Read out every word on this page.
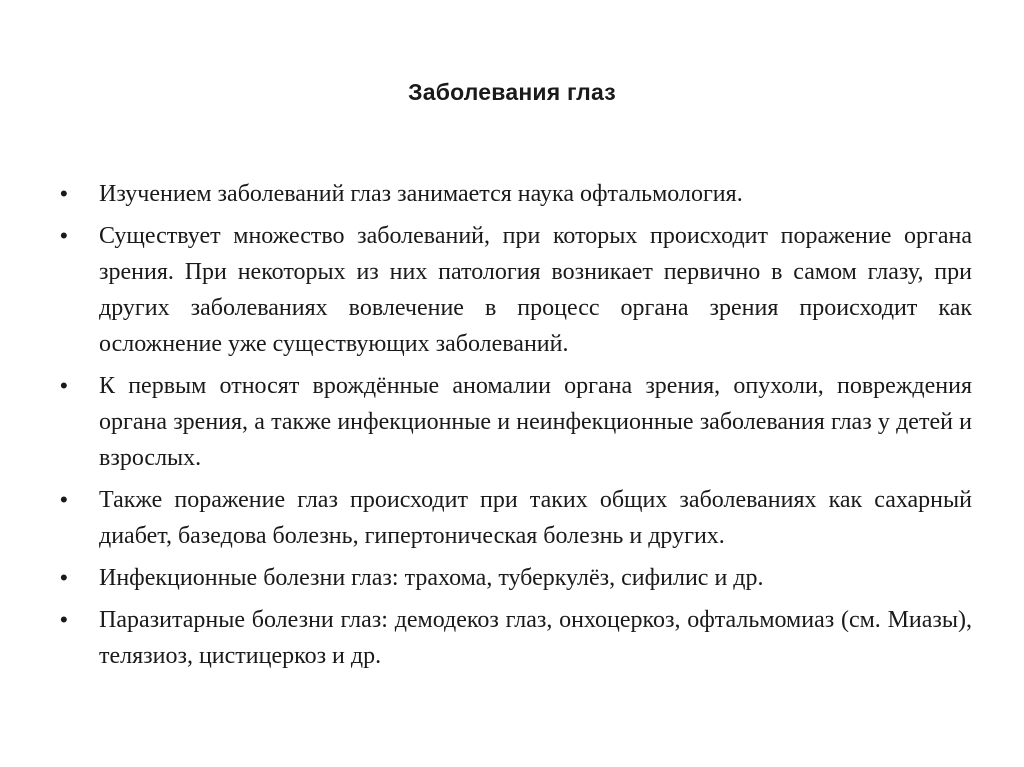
Заболевания глаз
• Изучением заболеваний глаз занимается наука офтальмология.
• Существует множество заболеваний, при которых происходит поражение органа зрения. При некоторых из них патология возникает первично в самом глазу, при других заболеваниях вовлечение в процесс органа зрения происходит как осложнение уже существующих заболеваний.
• К первым относят врождённые аномалии органа зрения, опухоли, повреждения органа зрения, а также инфекционные и неинфекционные заболевания глаз у детей и взрослых.
• Также поражение глаз происходит при таких общих заболеваниях как сахарный диабет, базедова болезнь, гипертоническая болезнь и других.
• Инфекционные болезни глаз: трахома, туберкулёз, сифилис и др.
• Паразитарные болезни глаз: демодекоз глаз, онхоцеркоз, офтальмомиаз (см. Миазы), телязиоз, цистицеркоз и др.
